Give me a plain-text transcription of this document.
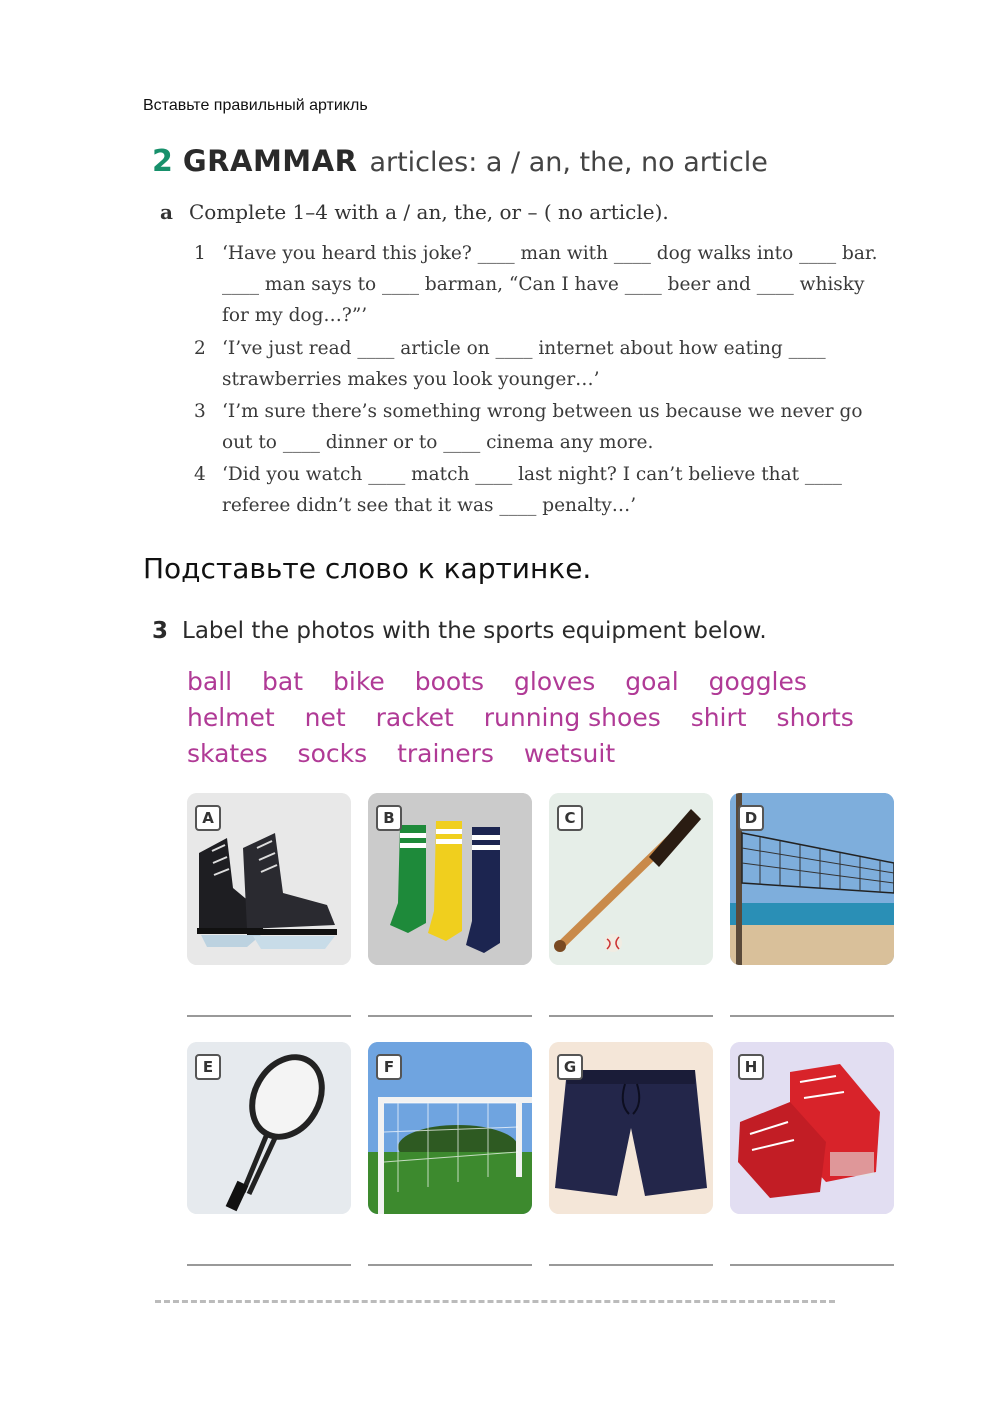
Вставьте правильный артикль
2 GRAMMAR articles: a / an, the, no article
a Complete 1–4 with a / an, the, or – ( no article).
1 ‘Have you heard this joke? ____ man with ____ dog walks into ____ bar. ____ man says to ____ barman, “Can I have ____ beer and ____ whisky for my dog…?”’
2 ‘I’ve just read ____ article on ____ internet about how eating ____ strawberries makes you look younger…’
3 ‘I’m sure there’s something wrong between us because we never go out to ____ dinner or to ____ cinema any more.
4 ‘Did you watch ____ match ____ last night? I can’t believe that ____ referee didn’t see that it was ____ penalty…’
Подставьте слово к картинке.
3 Label the photos with the sports equipment below.
ball bat bike boots gloves goal goggles helmet net racket running shoes shirt shorts skates socks trainers wetsuit
A	B	C	D
E	F	G	H
